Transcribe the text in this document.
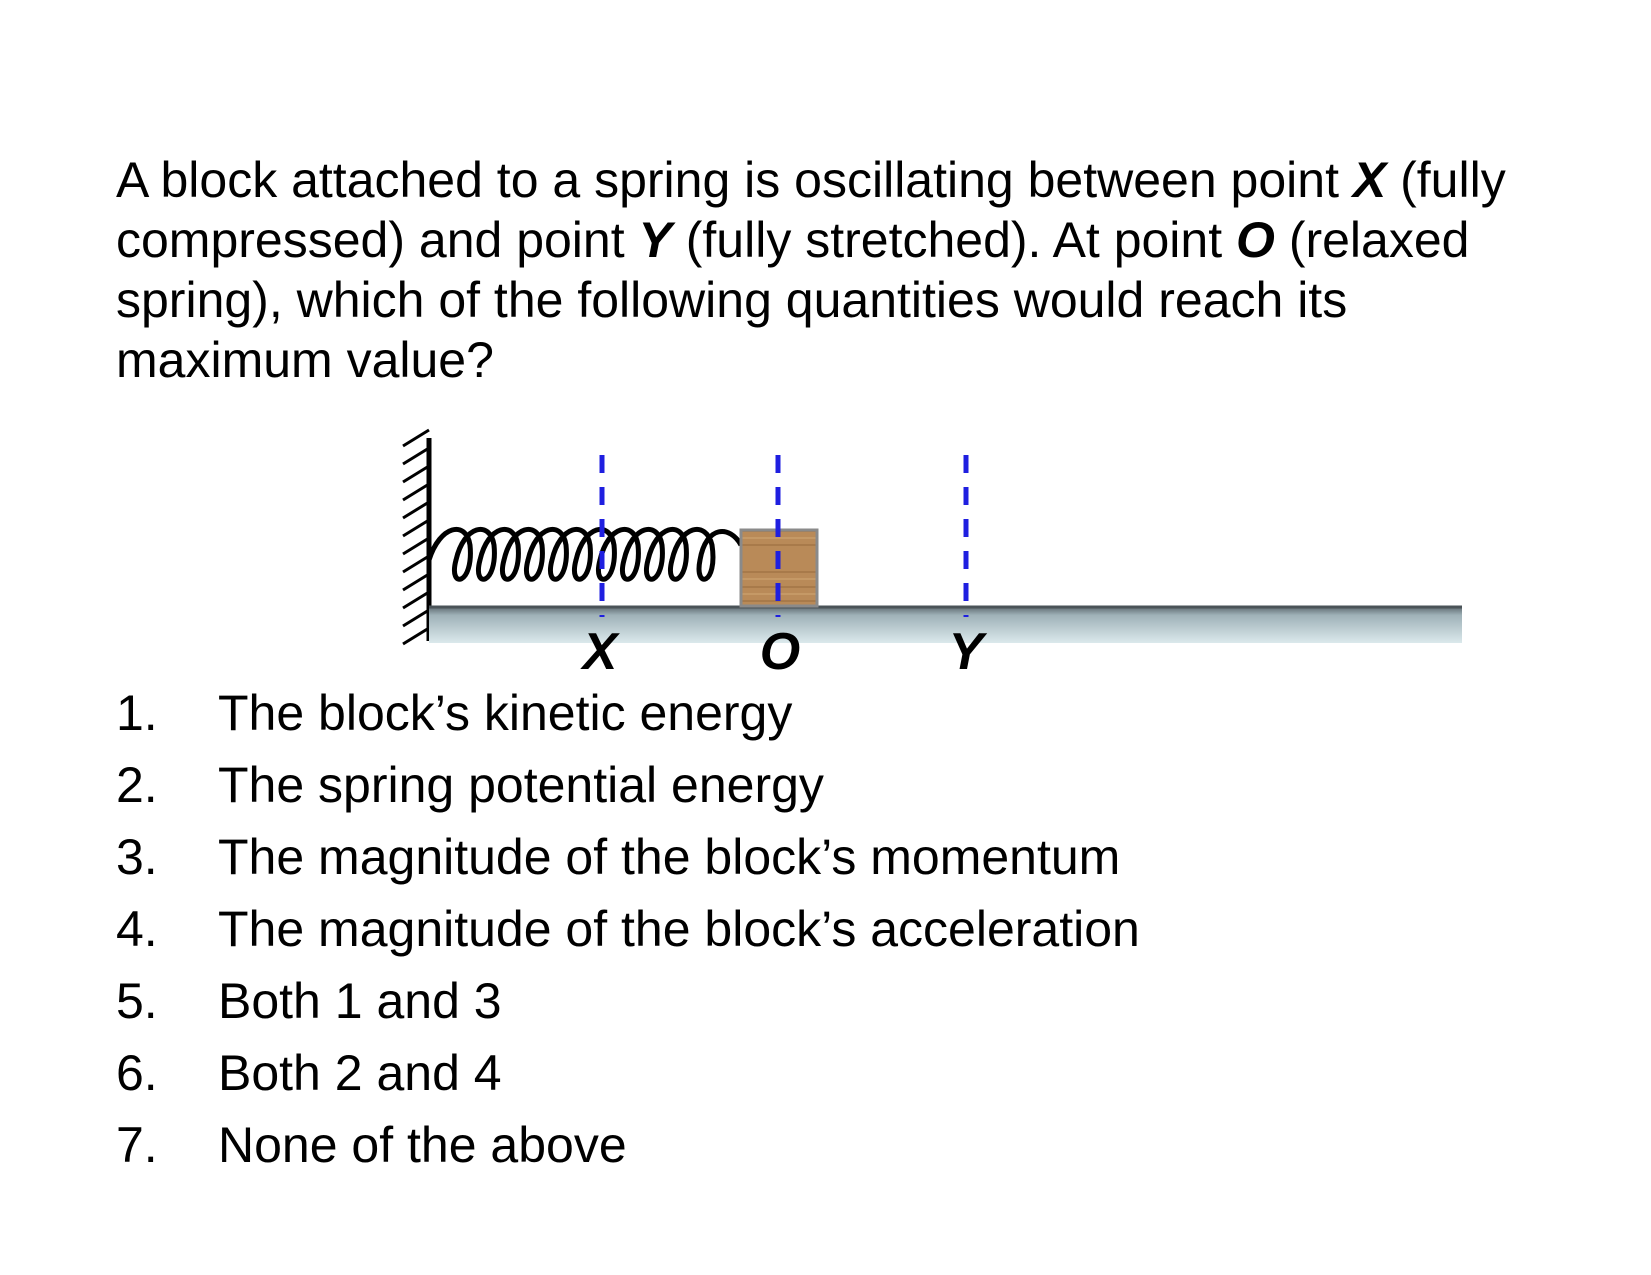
A block attached to a spring is oscillating between point X (fully compressed) and point Y (fully stretched). At point O (relaxed spring), which of the following quantities would reach its maximum value?

X	O	Y
1.	The block’s kinetic energy
2.	The spring potential energy
3.	The magnitude of the block’s momentum
4.	The magnitude of the block’s acceleration
5.	Both 1 and 3
6.	Both 2 and 4
7.	None of the above
